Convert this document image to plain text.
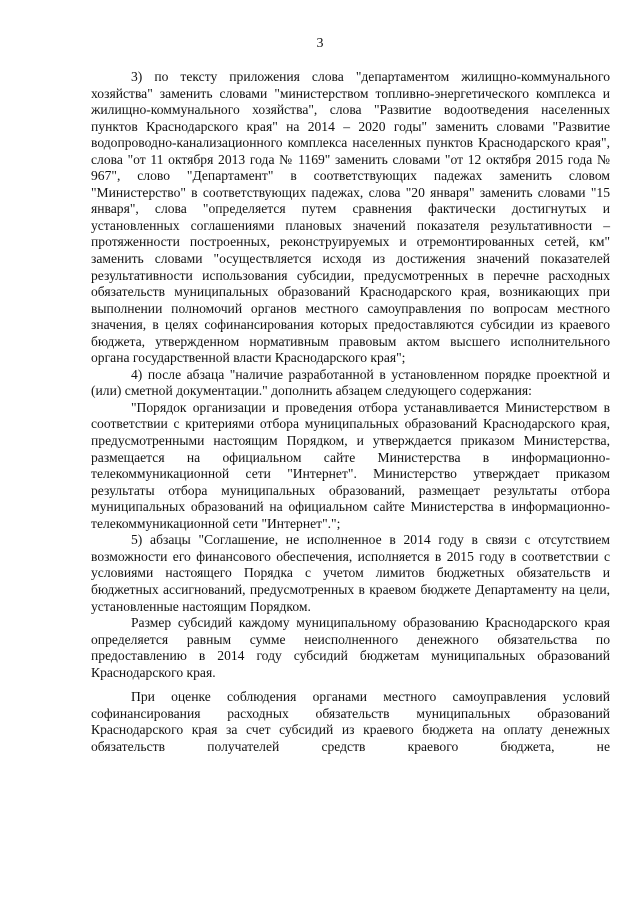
3

3) по тексту приложения слова "департаментом жилищно-коммунального хозяйства" заменить словами "министерством топливно-энергетического комплекса и жилищно-коммунального хозяйства", слова "Развитие водоотведения населенных пунктов Краснодарского края" на 2014 – 2020 годы" заменить словами "Развитие водопроводно-канализационного комплекса населенных пунктов Краснодарского края", слова "от 11 октября 2013 года № 1169" заменить словами "от 12 октября 2015 года № 967", слово "Департамент" в соответствующих падежах заменить словом "Министерство" в соответствующих падежах, слова "20 января" заменить словами "15 января", слова "определяется путем сравнения фактически достигнутых и установленных соглашениями плановых значений показателя результативности – протяженности построенных, реконструируемых и отремонтированных сетей, км" заменить словами "осуществляется исходя из достижения значений показателей результативности использования субсидии, предусмотренных в перечне расходных обязательств муниципальных образований Краснодарского края, возникающих при выполнении полномочий органов местного самоуправления по вопросам местного значения, в целях софинансирования которых предоставляются субсидии из краевого бюджета, утвержденном нормативным правовым актом высшего исполнительного органа государственной власти Краснодарского края";

4) после абзаца "наличие разработанной в установленном порядке проектной и (или) сметной документации." дополнить абзацем следующего содержания:

"Порядок организации и проведения отбора устанавливается Министерством в соответствии с критериями отбора муниципальных образований Краснодарского края, предусмотренными настоящим Порядком, и утверждается приказом Министерства, размещается на официальном сайте Министерства в информационно-телекоммуникационной сети "Интернет". Министерство утверждает приказом результаты отбора муниципальных образований, размещает результаты отбора муниципальных образований на официальном сайте Министерства в информационно-телекоммуникационной сети "Интернет".";

5) абзацы "Соглашение, не исполненное в 2014 году в связи с отсутствием возможности его финансового обеспечения, исполняется в 2015 году в соответствии с условиями настоящего Порядка с учетом лимитов бюджетных обязательств и бюджетных ассигнований, предусмотренных в краевом бюджете Департаменту на цели, установленные настоящим Порядком.

Размер субсидий каждому муниципальному образованию Краснодарского края определяется равным сумме неисполненного денежного обязательства по предоставлению в 2014 году субсидий бюджетам муниципальных образований Краснодарского края.

При оценке соблюдения органами местного самоуправления условий софинансирования расходных обязательств муниципальных образований Краснодарского края за счет субсидий из краевого бюджета на оплату денежных обязательств получателей средств краевого бюджета, не
